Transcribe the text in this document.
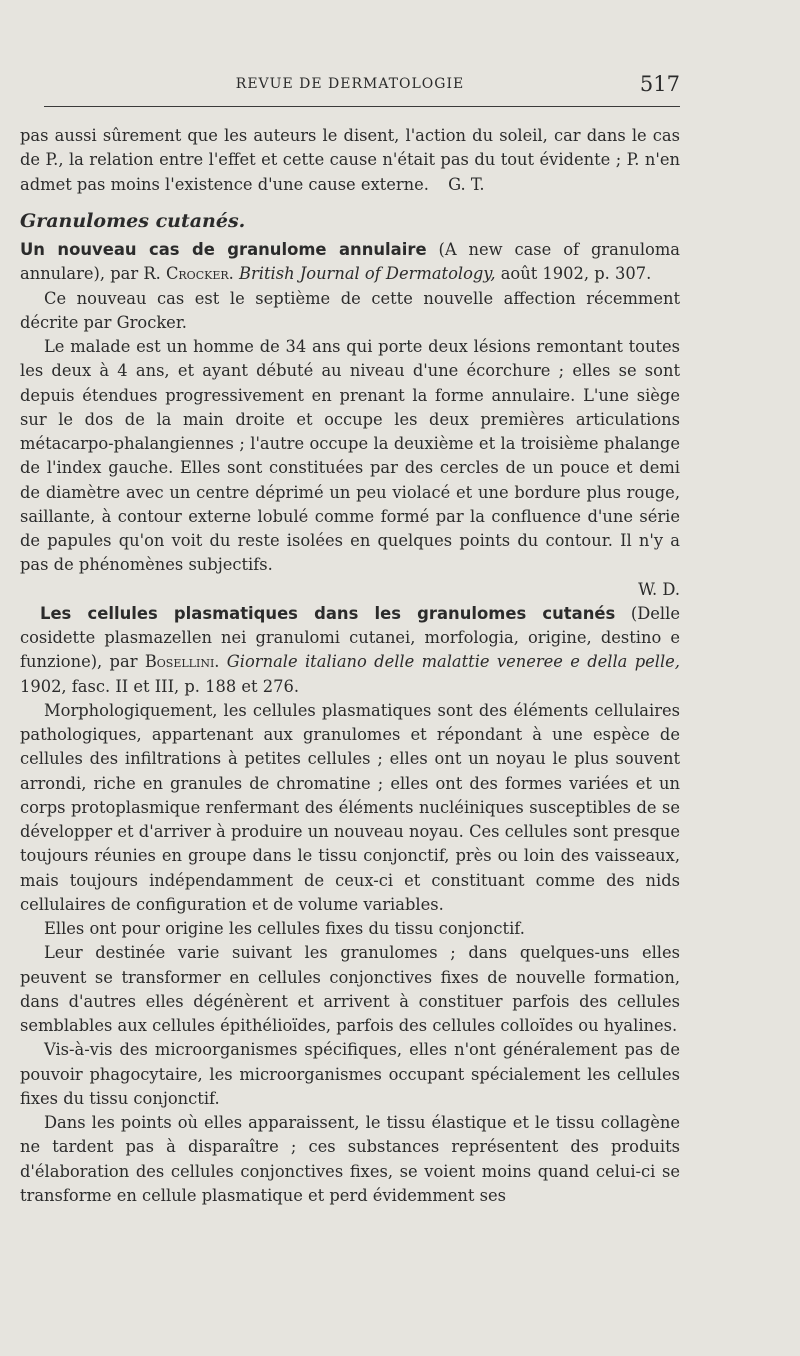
REVUE DE DERMATOLOGIE	517

pas aussi sûrement que les auteurs le disent, l'action du soleil, car dans le cas de P., la relation entre l'effet et cette cause n'était pas du tout évidente ; P. n'en admet pas moins l'existence d'une cause externe. G. T.

Granulomes cutanés.

Un nouveau cas de granulome annulaire (A new case of granuloma annulare), par R. Crocker. British Journal of Dermatology, août 1902, p. 307.

Ce nouveau cas est le septième de cette nouvelle affection récemment décrite par Grocker.

Le malade est un homme de 34 ans qui porte deux lésions remontant toutes les deux à 4 ans, et ayant débuté au niveau d'une écorchure ; elles se sont depuis étendues progressivement en prenant la forme annulaire. L'une siège sur le dos de la main droite et occupe les deux premières articulations métacarpo-phalangiennes ; l'autre occupe la deuxième et la troisième phalange de l'index gauche. Elles sont constituées par des cercles de un pouce et demi de diamètre avec un centre déprimé un peu violacé et une bordure plus rouge, saillante, à contour externe lobulé comme formé par la confluence d'une série de papules qu'on voit du reste isolées en quelques points du contour. Il n'y a pas de phénomènes subjectifs.

W. D.

Les cellules plasmatiques dans les granulomes cutanés (Delle cosidette plasmazellen nei granulomi cutanei, morfologia, origine, destino e funzione), par Bosellini. Giornale italiano delle malattie veneree e della pelle, 1902, fasc. II et III, p. 188 et 276.

Morphologiquement, les cellules plasmatiques sont des éléments cellulaires pathologiques, appartenant aux granulomes et répondant à une espèce de cellules des infiltrations à petites cellules ; elles ont un noyau le plus souvent arrondi, riche en granules de chromatine ; elles ont des formes variées et un corps protoplasmique renfermant des éléments nucléiniques susceptibles de se développer et d'arriver à produire un nouveau noyau. Ces cellules sont presque toujours réunies en groupe dans le tissu conjonctif, près ou loin des vaisseaux, mais toujours indépendamment de ceux-ci et constituant comme des nids cellulaires de configuration et de volume variables.

Elles ont pour origine les cellules fixes du tissu conjonctif.

Leur destinée varie suivant les granulomes ; dans quelques-uns elles peuvent se transformer en cellules conjonctives fixes de nouvelle formation, dans d'autres elles dégénèrent et arrivent à constituer parfois des cellules semblables aux cellules épithélioïdes, parfois des cellules colloïdes ou hyalines.

Vis-à-vis des microorganismes spécifiques, elles n'ont généralement pas de pouvoir phagocytaire, les microorganismes occupant spécialement les cellules fixes du tissu conjonctif.

Dans les points où elles apparaissent, le tissu élastique et le tissu collagène ne tardent pas à disparaître ; ces substances représentent des produits d'élaboration des cellules conjonctives fixes, se voient moins quand celui-ci se transforme en cellule plasmatique et perd évidemment ses
